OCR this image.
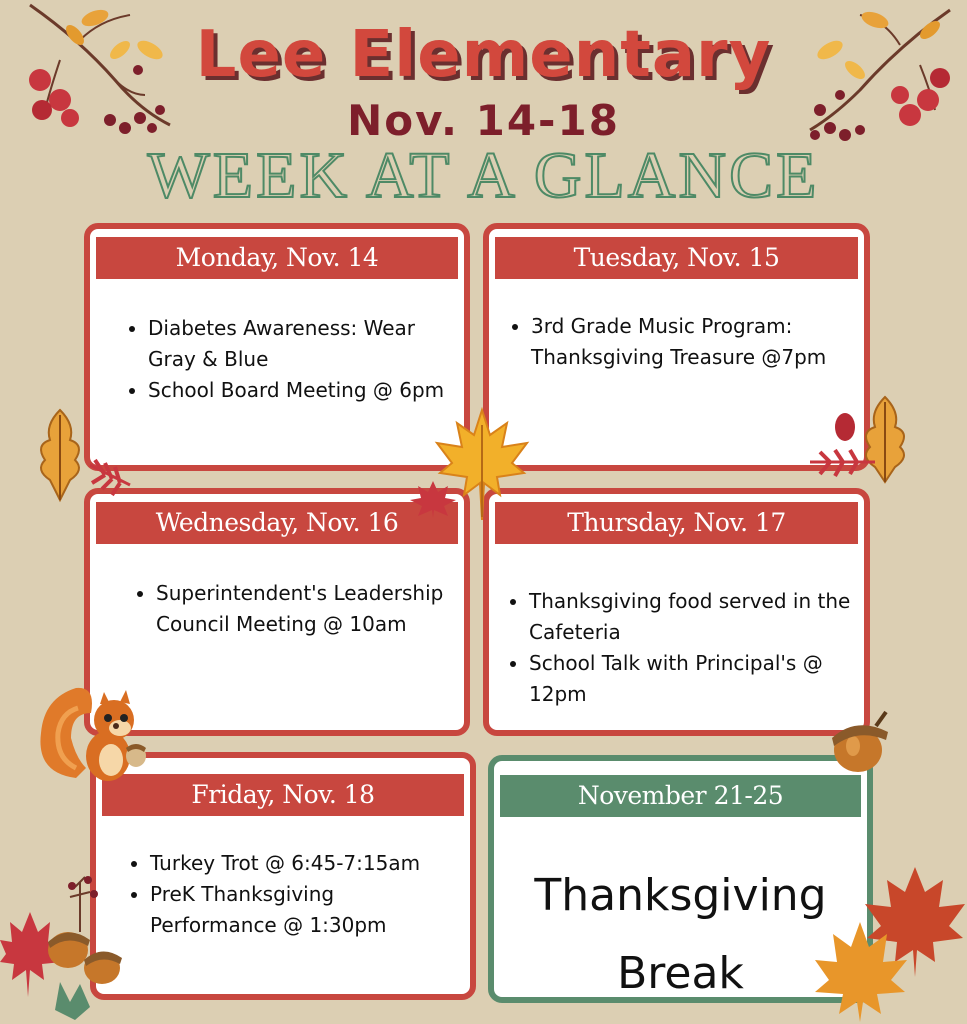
Lee Elementary
Nov. 14-18
WEEK AT A GLANCE
Monday, Nov. 14
• Diabetes Awareness: Wear Gray & Blue
• School Board Meeting @ 6pm
Tuesday, Nov. 15
• 3rd Grade Music Program: Thanksgiving Treasure @7pm
Wednesday, Nov. 16
• Superintendent's Leadership Council Meeting @ 10am
Thursday, Nov. 17
• Thanksgiving food served in the Cafeteria
• School Talk with Principal's @ 12pm
Friday, Nov. 18
• Turkey Trot @ 6:45-7:15am
• PreK Thanksgiving Performance @ 1:30pm
November 21-25
Thanksgiving
Break
